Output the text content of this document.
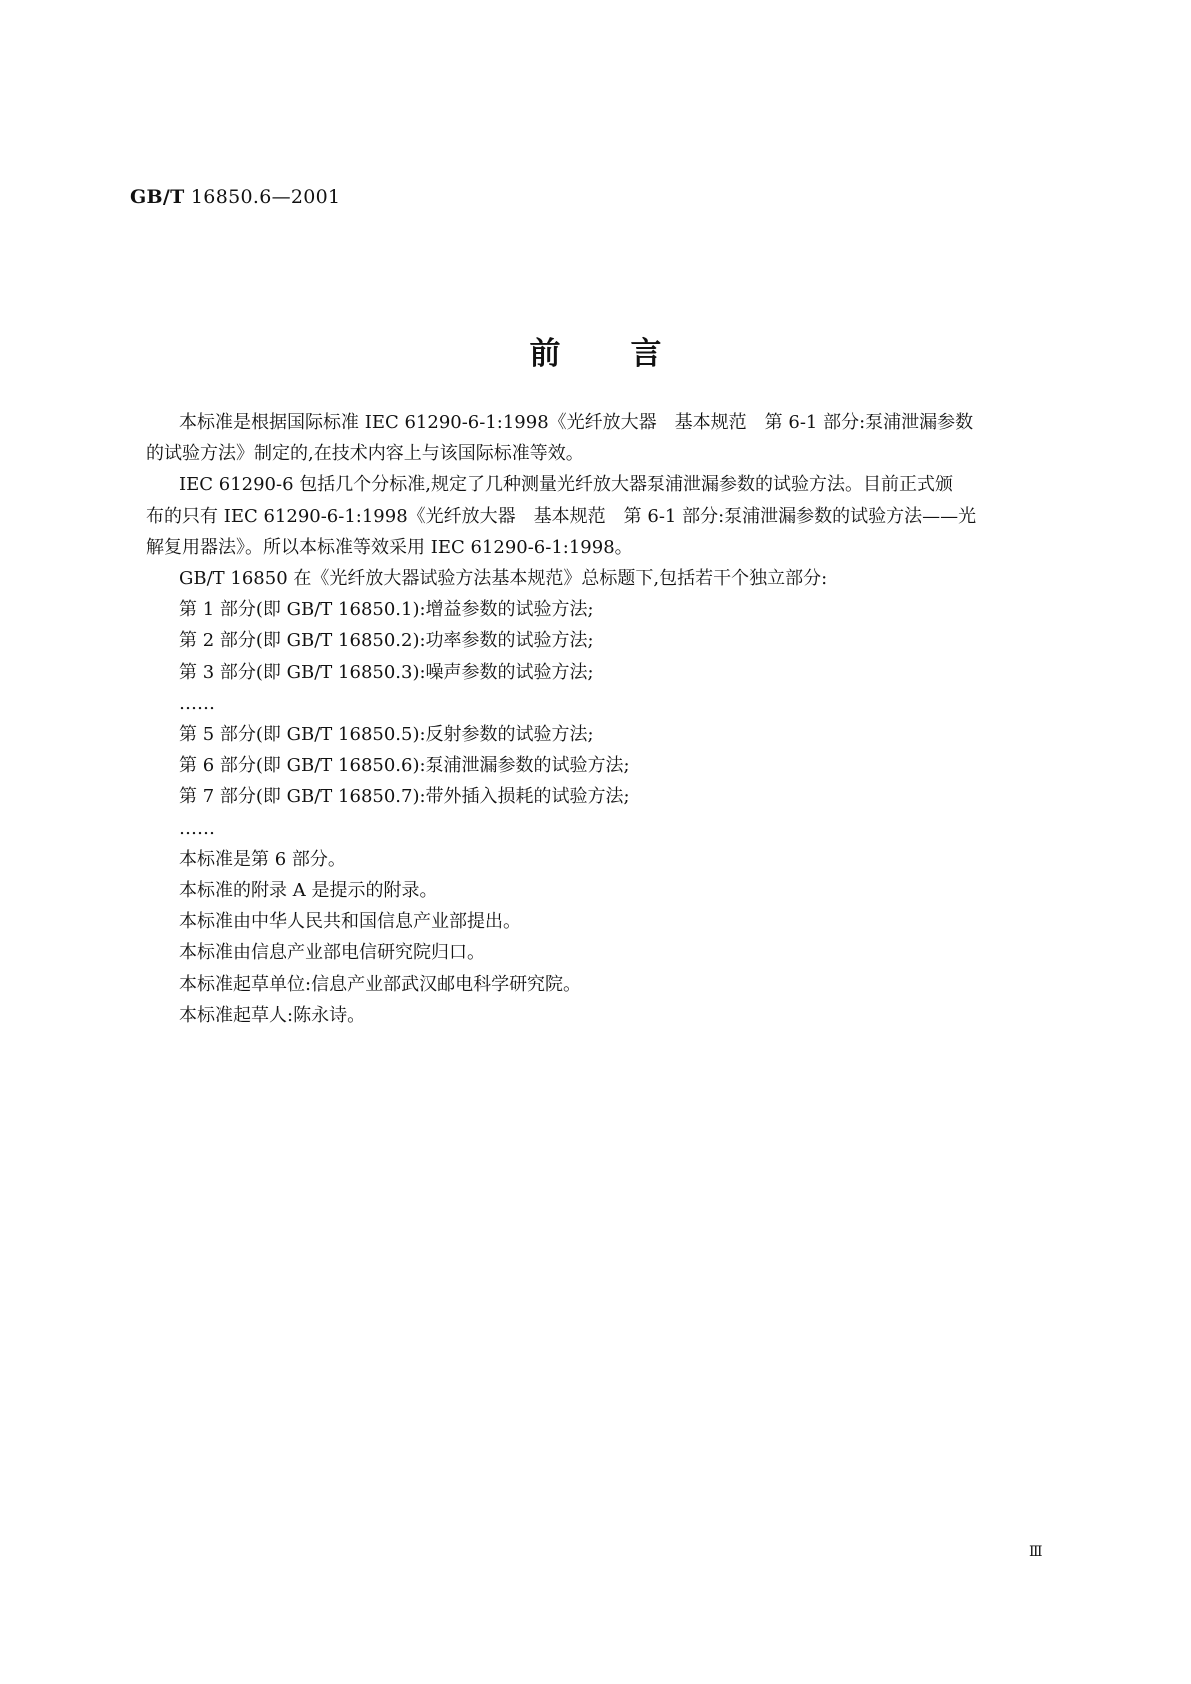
GB/T 16850.6—2001
前 言

本标准是根据国际标准 IEC 61290-6-1:1998《光纤放大器　基本规范　第 6-1 部分:泵浦泄漏参数

的试验方法》制定的,在技术内容上与该国际标准等效。

IEC 61290-6 包括几个分标准,规定了几种测量光纤放大器泵浦泄漏参数的试验方法。目前正式颁

布的只有 IEC 61290-6-1:1998《光纤放大器　基本规范　第 6-1 部分:泵浦泄漏参数的试验方法——光

解复用器法》。所以本标准等效采用 IEC 61290-6-1:1998。

GB/T 16850 在《光纤放大器试验方法基本规范》总标题下,包括若干个独立部分:

第 1 部分(即 GB/T 16850.1):增益参数的试验方法;

第 2 部分(即 GB/T 16850.2):功率参数的试验方法;

第 3 部分(即 GB/T 16850.3):噪声参数的试验方法;

……

第 5 部分(即 GB/T 16850.5):反射参数的试验方法;

第 6 部分(即 GB/T 16850.6):泵浦泄漏参数的试验方法;

第 7 部分(即 GB/T 16850.7):带外插入损耗的试验方法;

……

本标准是第 6 部分。

本标准的附录 A 是提示的附录。

本标准由中华人民共和国信息产业部提出。

本标准由信息产业部电信研究院归口。

本标准起草单位:信息产业部武汉邮电科学研究院。

本标准起草人:陈永诗。

Ⅲ
